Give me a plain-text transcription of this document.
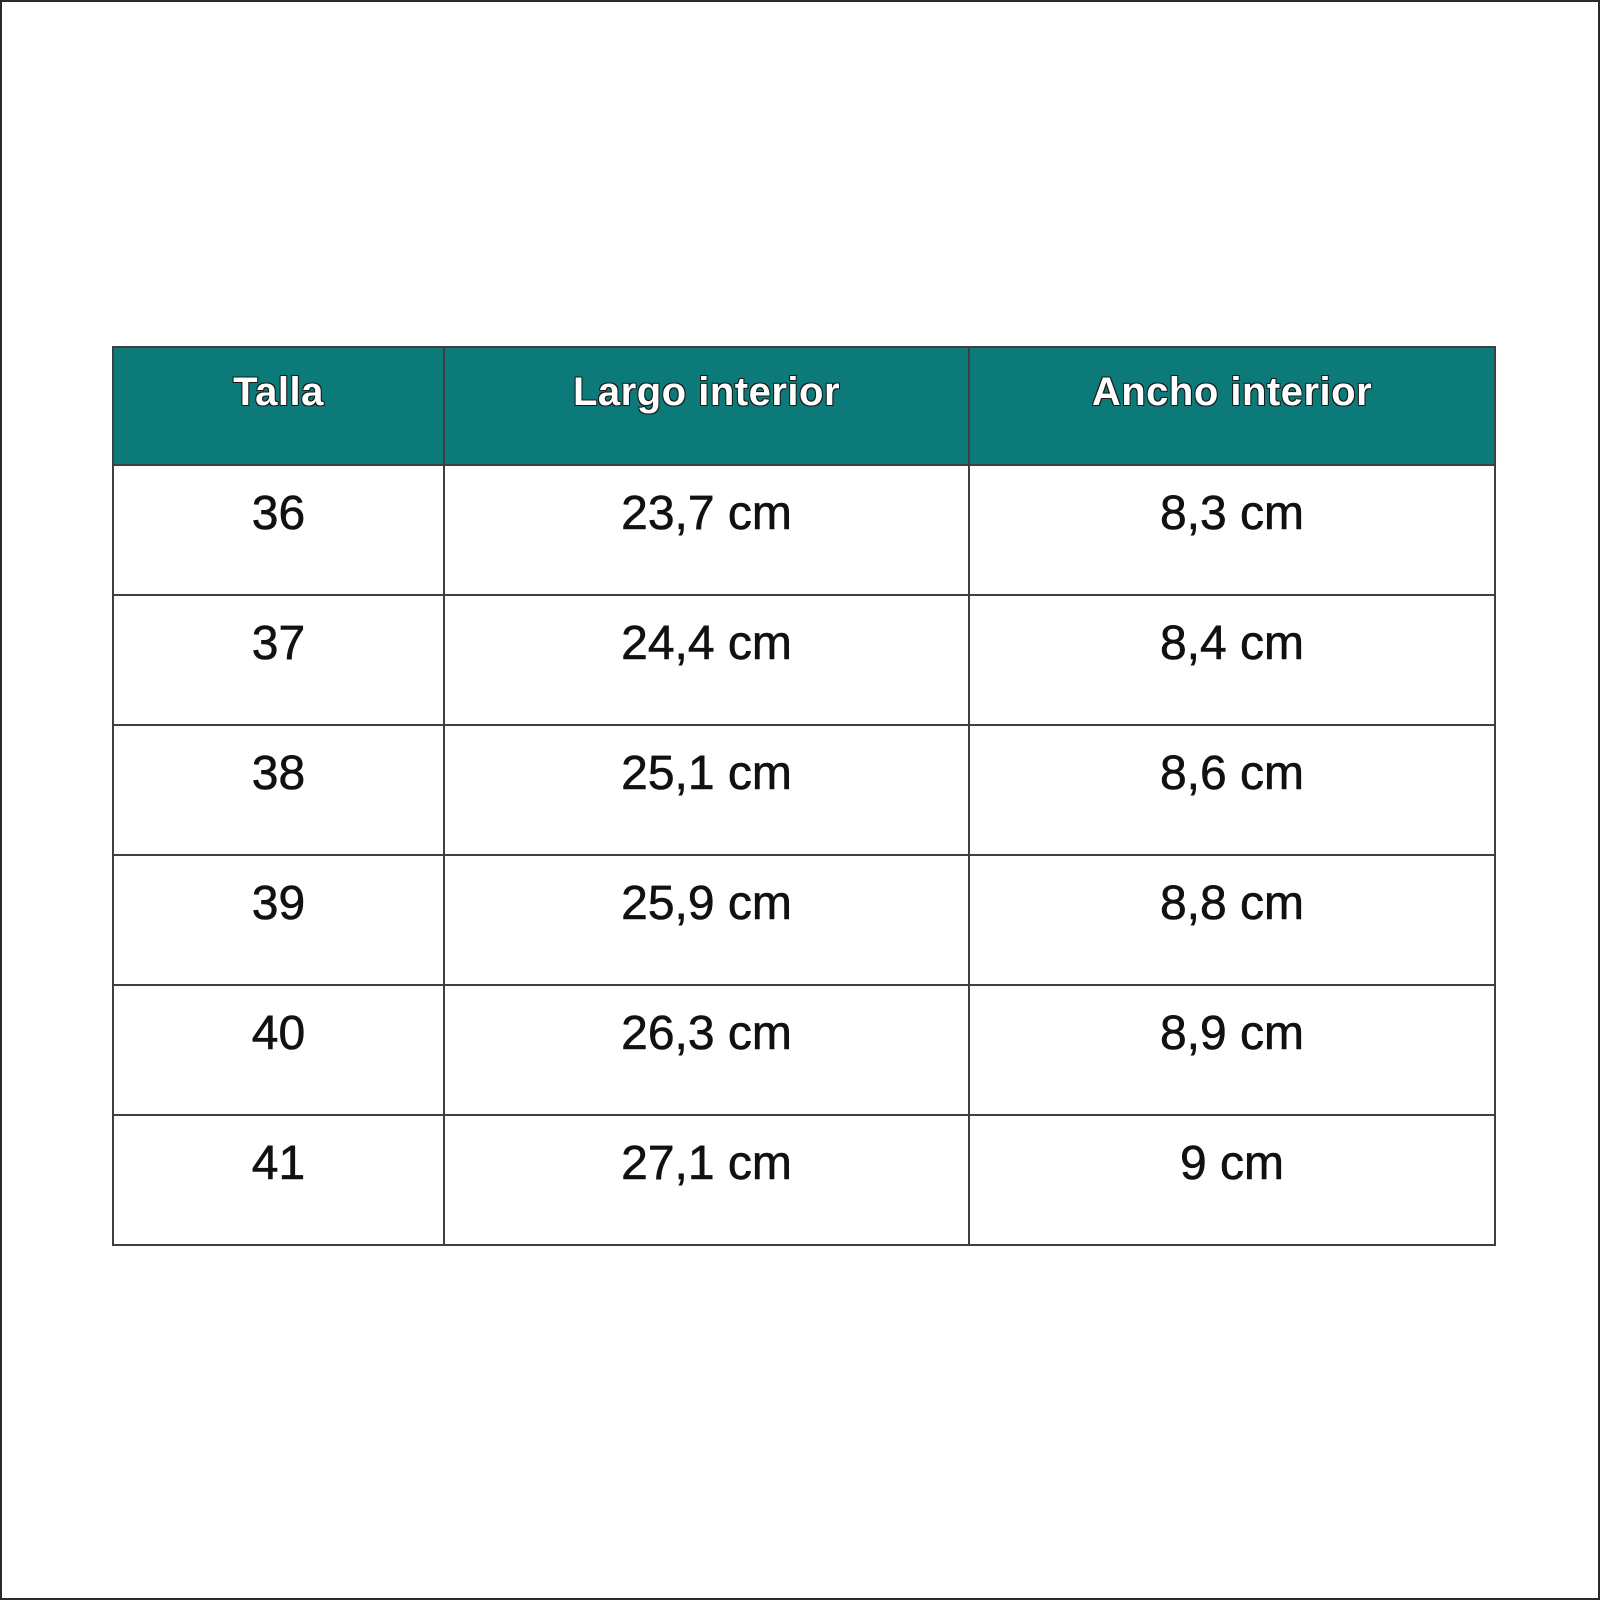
Talla	Largo interior	Ancho interior
36	23,7 cm	8,3 cm
37	24,4 cm	8,4 cm
38	25,1 cm	8,6 cm
39	25,9 cm	8,8 cm
40	26,3 cm	8,9 cm
41	27,1 cm	9 cm
